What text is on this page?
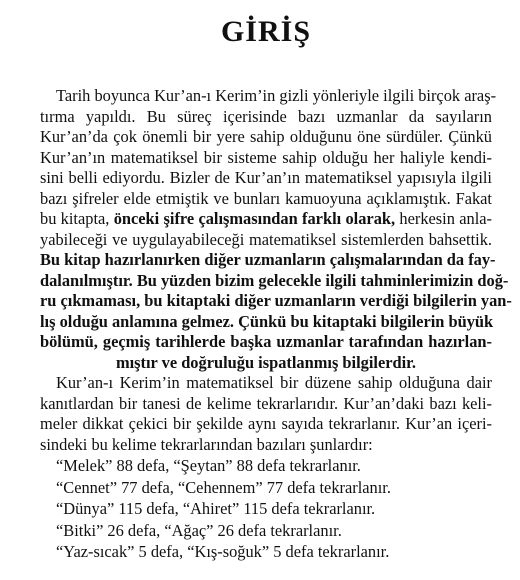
GİRİŞ
Tarih boyunca Kur’an-ı Kerim’in gizli yönleriyle ilgili birçok araş-
tırma yapıldı. Bu süreç içerisinde bazı uzmanlar da sayıların
Kur’an’da çok önemli bir yere sahip olduğunu öne sürdüler. Çünkü
Kur’an’ın matematiksel bir sisteme sahip olduğu her haliyle kendi-
sini belli ediyordu. Bizler de Kur’an’ın matematiksel yapısıyla ilgili
bazı şifreler elde etmiştik ve bunları kamuoyuna açıklamıştık. Fakat
bu kitapta, önceki şifre çalışmasından farklı olarak, herkesin anla-
yabileceği ve uygulayabileceği matematiksel sistemlerden bahsettik.
Bu kitap hazırlanırken diğer uzmanların çalışmalarından da fay-
dalanılmıştır. Bu yüzden bizim gelecekle ilgili tahminlerimizin doğ-
ru çıkmaması, bu kitaptaki diğer uzmanların verdiği bilgilerin yan-
lış olduğu anlamına gelmez. Çünkü bu kitaptaki bilgilerin büyük
bölümü, geçmiş tarihlerde başka uzmanlar tarafından hazırlan-
mıştır ve doğruluğu ispatlanmış bilgilerdir.
Kur’an-ı Kerim’in matematiksel bir düzene sahip olduğuna dair
kanıtlardan bir tanesi de kelime tekrarlarıdır. Kur’an’daki bazı keli-
meler dikkat çekici bir şekilde aynı sayıda tekrarlanır. Kur’an içeri-
sindeki bu kelime tekrarlarından bazıları şunlardır:
“Melek” 88 defa, “Şeytan” 88 defa tekrarlanır.
“Cennet” 77 defa, “Cehennem” 77 defa tekrarlanır.
“Dünya” 115 defa, “Ahiret” 115 defa tekrarlanır.
“Bitki” 26 defa, “Ağaç” 26 defa tekrarlanır.
“Yaz-sıcak” 5 defa, “Kış-soğuk” 5 defa tekrarlanır.
